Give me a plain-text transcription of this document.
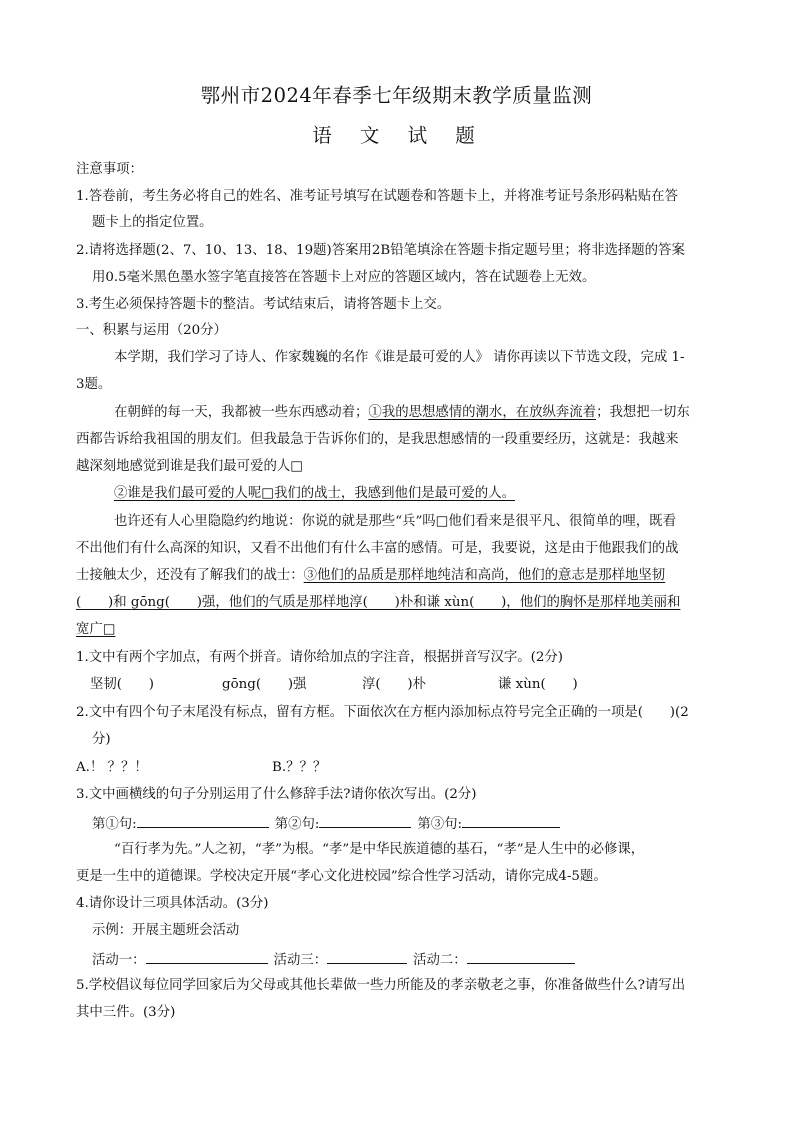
鄂州市2024年春季七年级期末教学质量监测
语 文 试 题
注意事项：
1.答卷前，考生务必将自己的姓名、准考证号填写在试题卷和答题卡上，并将准考证号条形码粘贴在答
题卡上的指定位置。
2.请将选择题(2、7、10、13、18、19题)答案用2B铅笔填涂在答题卡指定题号里；将非选择题的答案
用0.5毫米黑色墨水签字笔直接答在答题卡上对应的答题区域内，答在试题卷上无效。
3.考生必须保持答题卡的整洁。考试结束后，请将答题卡上交。
一、积累与运用（20分）
本学期，我们学习了诗人、作家魏巍的名作《谁是最可爱的人》 请你再读以下节选文段，完成 1-
3题。
在朝鲜的每一天，我都被一些东西感动着；①我的思想感情的潮水，在放纵奔流着；我想把一切东
西都告诉给我祖国的朋友们。但我最急于告诉你们的，是我思想感情的一段重要经历，这就是：我越来
越深刻地感觉到谁是我们最可爱的人□
②谁是我们最可爱的人呢□我们的战士，我感到他们是最可爱的人。
也许还有人心里隐隐约约地说：你说的就是那些“兵”吗□他们看来是很平凡、很简单的哩，既看
不出他们有什么高深的知识，又看不出他们有什么丰富的感情。可是，我要说，这是由于他跟我们的战
士接触太少，还没有了解我们的战士：③他们的品质是那样地纯洁和高尚，他们的意志是那样地坚韧
(　　)和 gōng(　　)强，他们的气质是那样地淳(　　)朴和谦 xùn(　　)，他们的胸怀是那样地美丽和
宽广□
1.文中有两个字加点，有两个拼音。请你给加点的字注音，根据拼音写汉字。(2分)
坚韧(　　)	gōng(　　)强	淳(　　)朴	谦 xùn(　　)
2.文中有四个句子末尾没有标点，留有方框。下面依次在方框内添加标点符号完全正确的一项是(　　)(2
分)
A.！ ？？！	B.？？？
3.文中画横线的句子分别运用了什么修辞手法?请你依次写出。(2分)
第①句:	第②句:	第③句:
“百行孝为先。”人之初，“孝”为根。“孝”是中华民族道德的基石，“孝”是人生中的必修课，
更是一生中的道德课。学校决定开展“孝心文化进校园”综合性学习活动，请你完成4-5题。
4.请你设计三项具体活动。(3分)
示例：开展主题班会活动
活动一：	活动三：	活动二：
5.学校倡议每位同学回家后为父母或其他长辈做一些力所能及的孝亲敬老之事，你准备做些什么?请写出
其中三件。(3分)
